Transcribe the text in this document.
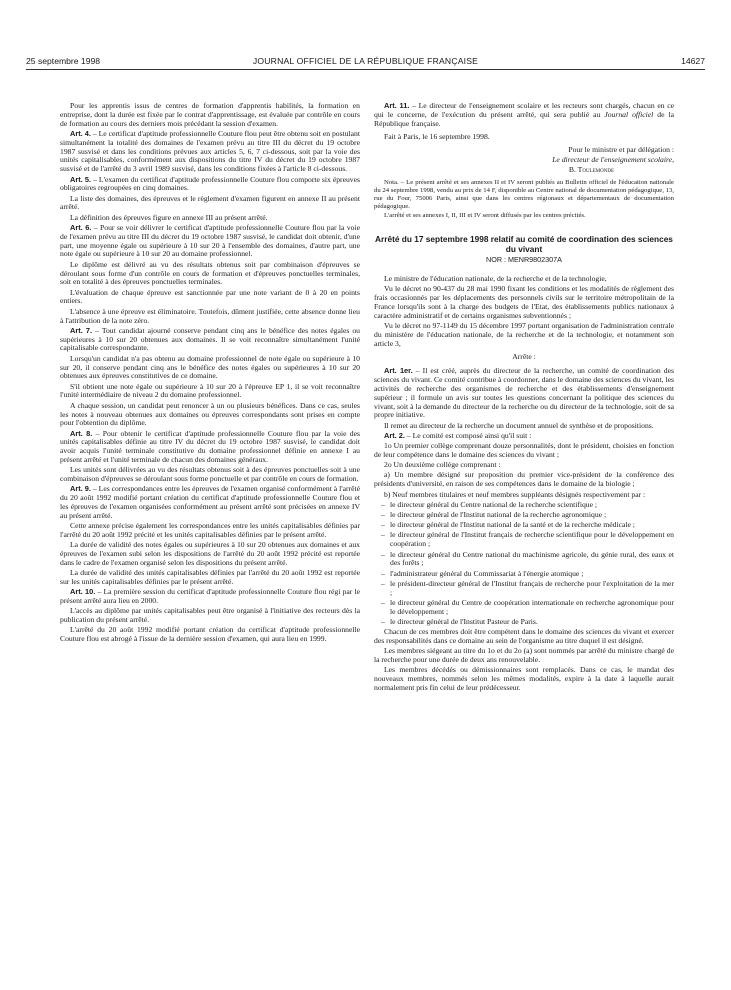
25 septembre 1998	JOURNAL OFFICIEL DE LA RÉPUBLIQUE FRANÇAISE	14627

Pour les apprentis issus de centres de formation d'apprentis habilités, la formation en entreprise, dont la durée est fixée par le contrat d'apprentissage, est évaluée par contrôle en cours de formation au cours des derniers mois précédant la session d'examen.

Art. 4. – Le certificat d'aptitude professionnelle Couture flou peut être obtenu soit en postulant simultanément la totalité des domaines de l'examen prévu au titre III du décret du 19 octobre 1987 susvisé et dans les conditions prévues aux articles 5, 6, 7 ci-dessous, soit par la voie des unités capitalisables, conformément aux dispositions du titre IV du décret du 19 octobre 1987 susvisé et de l'arrêté du 3 avril 1989 susvisé, dans les conditions fixées à l'article 8 ci-dessous.

Art. 5. – L'examen du certificat d'aptitude professionnelle Couture flou comporte six épreuves obligatoires regroupées en cinq domaines.

La liste des domaines, des épreuves et le règlement d'examen figurent en annexe II au présent arrêté.

La définition des épreuves figure en annexe III au présent arrêté.

Art. 6. – Pour se voir délivrer le certificat d'aptitude professionnelle Couture flou par la voie de l'examen prévu au titre III du décret du 19 octobre 1987 susvisé, le candidat doit obtenir, d'une part, une moyenne égale ou supérieure à 10 sur 20 à l'ensemble des domaines, d'autre part, une note égale ou supérieure à 10 sur 20 au domaine professionnel.

Le diplôme est délivré au vu des résultats obtenus soit par combinaison d'épreuves se déroulant sous forme d'un contrôle en cours de formation et d'épreuves ponctuelles terminales, soit en totalité à des épreuves ponctuelles terminales.

L'évaluation de chaque épreuve est sanctionnée par une note variant de 0 à 20 en points entiers.

L'absence à une épreuve est éliminatoire. Toutefois, dûment justifiée, cette absence donne lieu à l'attribution de la note zéro.

Art. 7. – Tout candidat ajourné conserve pendant cinq ans le bénéfice des notes égales ou supérieures à 10 sur 20 obtenues aux domaines. Il se voit reconnaître simultanément l'unité capitalisable correspondante.

Lorsqu'un candidat n'a pas obtenu au domaine professionnel de note égale ou supérieure à 10 sur 20, il conserve pendant cinq ans le bénéfice des notes égales ou supérieures à 10 sur 20 obtenues aux épreuves constitutives de ce domaine.

S'il obtient une note égale ou supérieure à 10 sur 20 à l'épreuve EP 1, il se voit reconnaître l'unité intermédiaire de niveau 2 du domaine professionnel.

A chaque session, un candidat peut renoncer à un ou plusieurs bénéfices. Dans ce cas, seules les notes à nouveau obtenues aux domaines ou épreuves correspondants sont prises en compte pour l'obtention du diplôme.

Art. 8. – Pour obtenir le certificat d'aptitude professionnelle Couture flou par la voie des unités capitalisables définie au titre IV du décret du 19 octobre 1987 susvisé, le candidat doit avoir acquis l'unité terminale constitutive du domaine professionnel définie en annexe I au présent arrêté et l'unité terminale de chacun des domaines généraux.

Les unités sont délivrées au vu des résultats obtenus soit à des épreuves ponctuelles soit à une combinaison d'épreuves se déroulant sous forme ponctuelle et par contrôle en cours de formation.

Art. 9. – Les correspondances entre les épreuves de l'examen organisé conformément à l'arrêté du 20 août 1992 modifié portant création du certificat d'aptitude professionnelle Couture flou et les épreuves de l'examen organisées conformément au présent arrêté sont précisées en annexe IV au présent arrêté.

Cette annexe précise également les correspondances entre les unités capitalisables définies par l'arrêté du 20 août 1992 précité et les unités capitalisables définies par le présent arrêté.

La durée de validité des notes égales ou supérieures à 10 sur 20 obtenues aux domaines et aux épreuves de l'examen subi selon les dispositions de l'arrêté du 20 août 1992 précité est reportée dans le cadre de l'examen organisé selon les dispositions du présent arrêté.

La durée de validité des unités capitalisables définies par l'arrêté du 20 août 1992 est reportée sur les unités capitalisables définies par le présent arrêté.

Art. 10. – La première session du certificat d'aptitude professionnelle Couture flou régi par le présent arrêté aura lieu en 2000.

L'accès au diplôme par unités capitalisables peut être organisé à l'initiative des recteurs dès la publication du présent arrêté.

L'arrêté du 20 août 1992 modifié portant création du certificat d'aptitude professionnelle Couture flou est abrogé à l'issue de la dernière session d'examen, qui aura lieu en 1999.

Art. 11. – Le directeur de l'enseignement scolaire et les recteurs sont chargés, chacun en ce qui le concerne, de l'exécution du présent arrêté, qui sera publié au Journal officiel de la République française.

Fait à Paris, le 16 septembre 1998.

Pour le ministre et par délégation :

Le directeur de l'enseignement scolaire,

B. Toulemonde

Nota. – Le présent arrêté et ses annexes II et IV seront publiés au Bulletin officiel de l'éducation nationale du 24 septembre 1998, vendu au prix de 14 F, disponible au Centre national de documentation pédagogique, 13, rue du Four, 75006 Paris, ainsi que dans les centres régionaux et départementaux de documentation pédagogique.

L'arrêté et ses annexes I, II, III et IV seront diffusés par les centres précités.

Arrêté du 17 septembre 1998 relatif au comité de coordination des sciences du vivant
NOR : MENR9802307A

Le ministre de l'éducation nationale, de la recherche et de la technologie,

Vu le décret no 90-437 du 28 mai 1990 fixant les conditions et les modalités de règlement des frais occasionnés par les déplacements des personnels civils sur le territoire métropolitain de la France lorsqu'ils sont à la charge des budgets de l'Etat, des établissements publics nationaux à caractère administratif et de certains organismes subventionnés ;

Vu le décret no 97-1149 du 15 décembre 1997 portant organisation de l'administration centrale du ministère de l'éducation nationale, de la recherche et de la technologie, et notamment son article 3,

Arrête :

Art. 1er. – Il est créé, auprès du directeur de la recherche, un comité de coordination des sciences du vivant. Ce comité contribue à coordonner, dans le domaine des sciences du vivant, les activités de recherche des organismes de recherche et des établissements d'enseignement supérieur ; il formule un avis sur toutes les questions concernant la politique des sciences du vivant, soit à la demande du directeur de la recherche ou du directeur de la technologie, soit de sa propre initiative.

Il remet au directeur de la recherche un document annuel de synthèse et de propositions.

Art. 2. – Le comité est composé ainsi qu'il suit :

1o Un premier collège comprenant douze personnalités, dont le président, choisies en fonction de leur compétence dans le domaine des sciences du vivant ;

2o Un deuxième collège comprenant :

a) Un membre désigné sur proposition du premier vice-président de la conférence des présidents d'université, en raison de ses compétences dans le domaine de la biologie ;

b) Neuf membres titulaires et neuf membres suppléants désignés respectivement par :

– le directeur général du Centre national de la recherche scientifique ;

– le directeur général de l'Institut national de la recherche agronomique ;

– le directeur général de l'Institut national de la santé et de la recherche médicale ;

– le directeur général de l'Institut français de recherche scientifique pour le développement en coopération ;

– le directeur général du Centre national du machinisme agricole, du génie rural, des eaux et des forêts ;

– l'administrateur général du Commissariat à l'énergie atomique ;

– le président-directeur général de l'Institut français de recherche pour l'exploitation de la mer ;

– le directeur général du Centre de coopération internationale en recherche agronomique pour le développement ;

– le directeur général de l'Institut Pasteur de Paris.

Chacun de ces membres doit être compétent dans le domaine des sciences du vivant et exercer des responsabilités dans ce domaine au sein de l'organisme au titre duquel il est désigné.

Les membres siégeant au titre du 1o et du 2o (a) sont nommés par arrêté du ministre chargé de la recherche pour une durée de deux ans renouvelable.

Les membres décédés ou démissionnaires sont remplacés. Dans ce cas, le mandat des nouveaux membres, nommés selon les mêmes modalités, expire à la date à laquelle aurait normalement pris fin celui de leur prédécesseur.
